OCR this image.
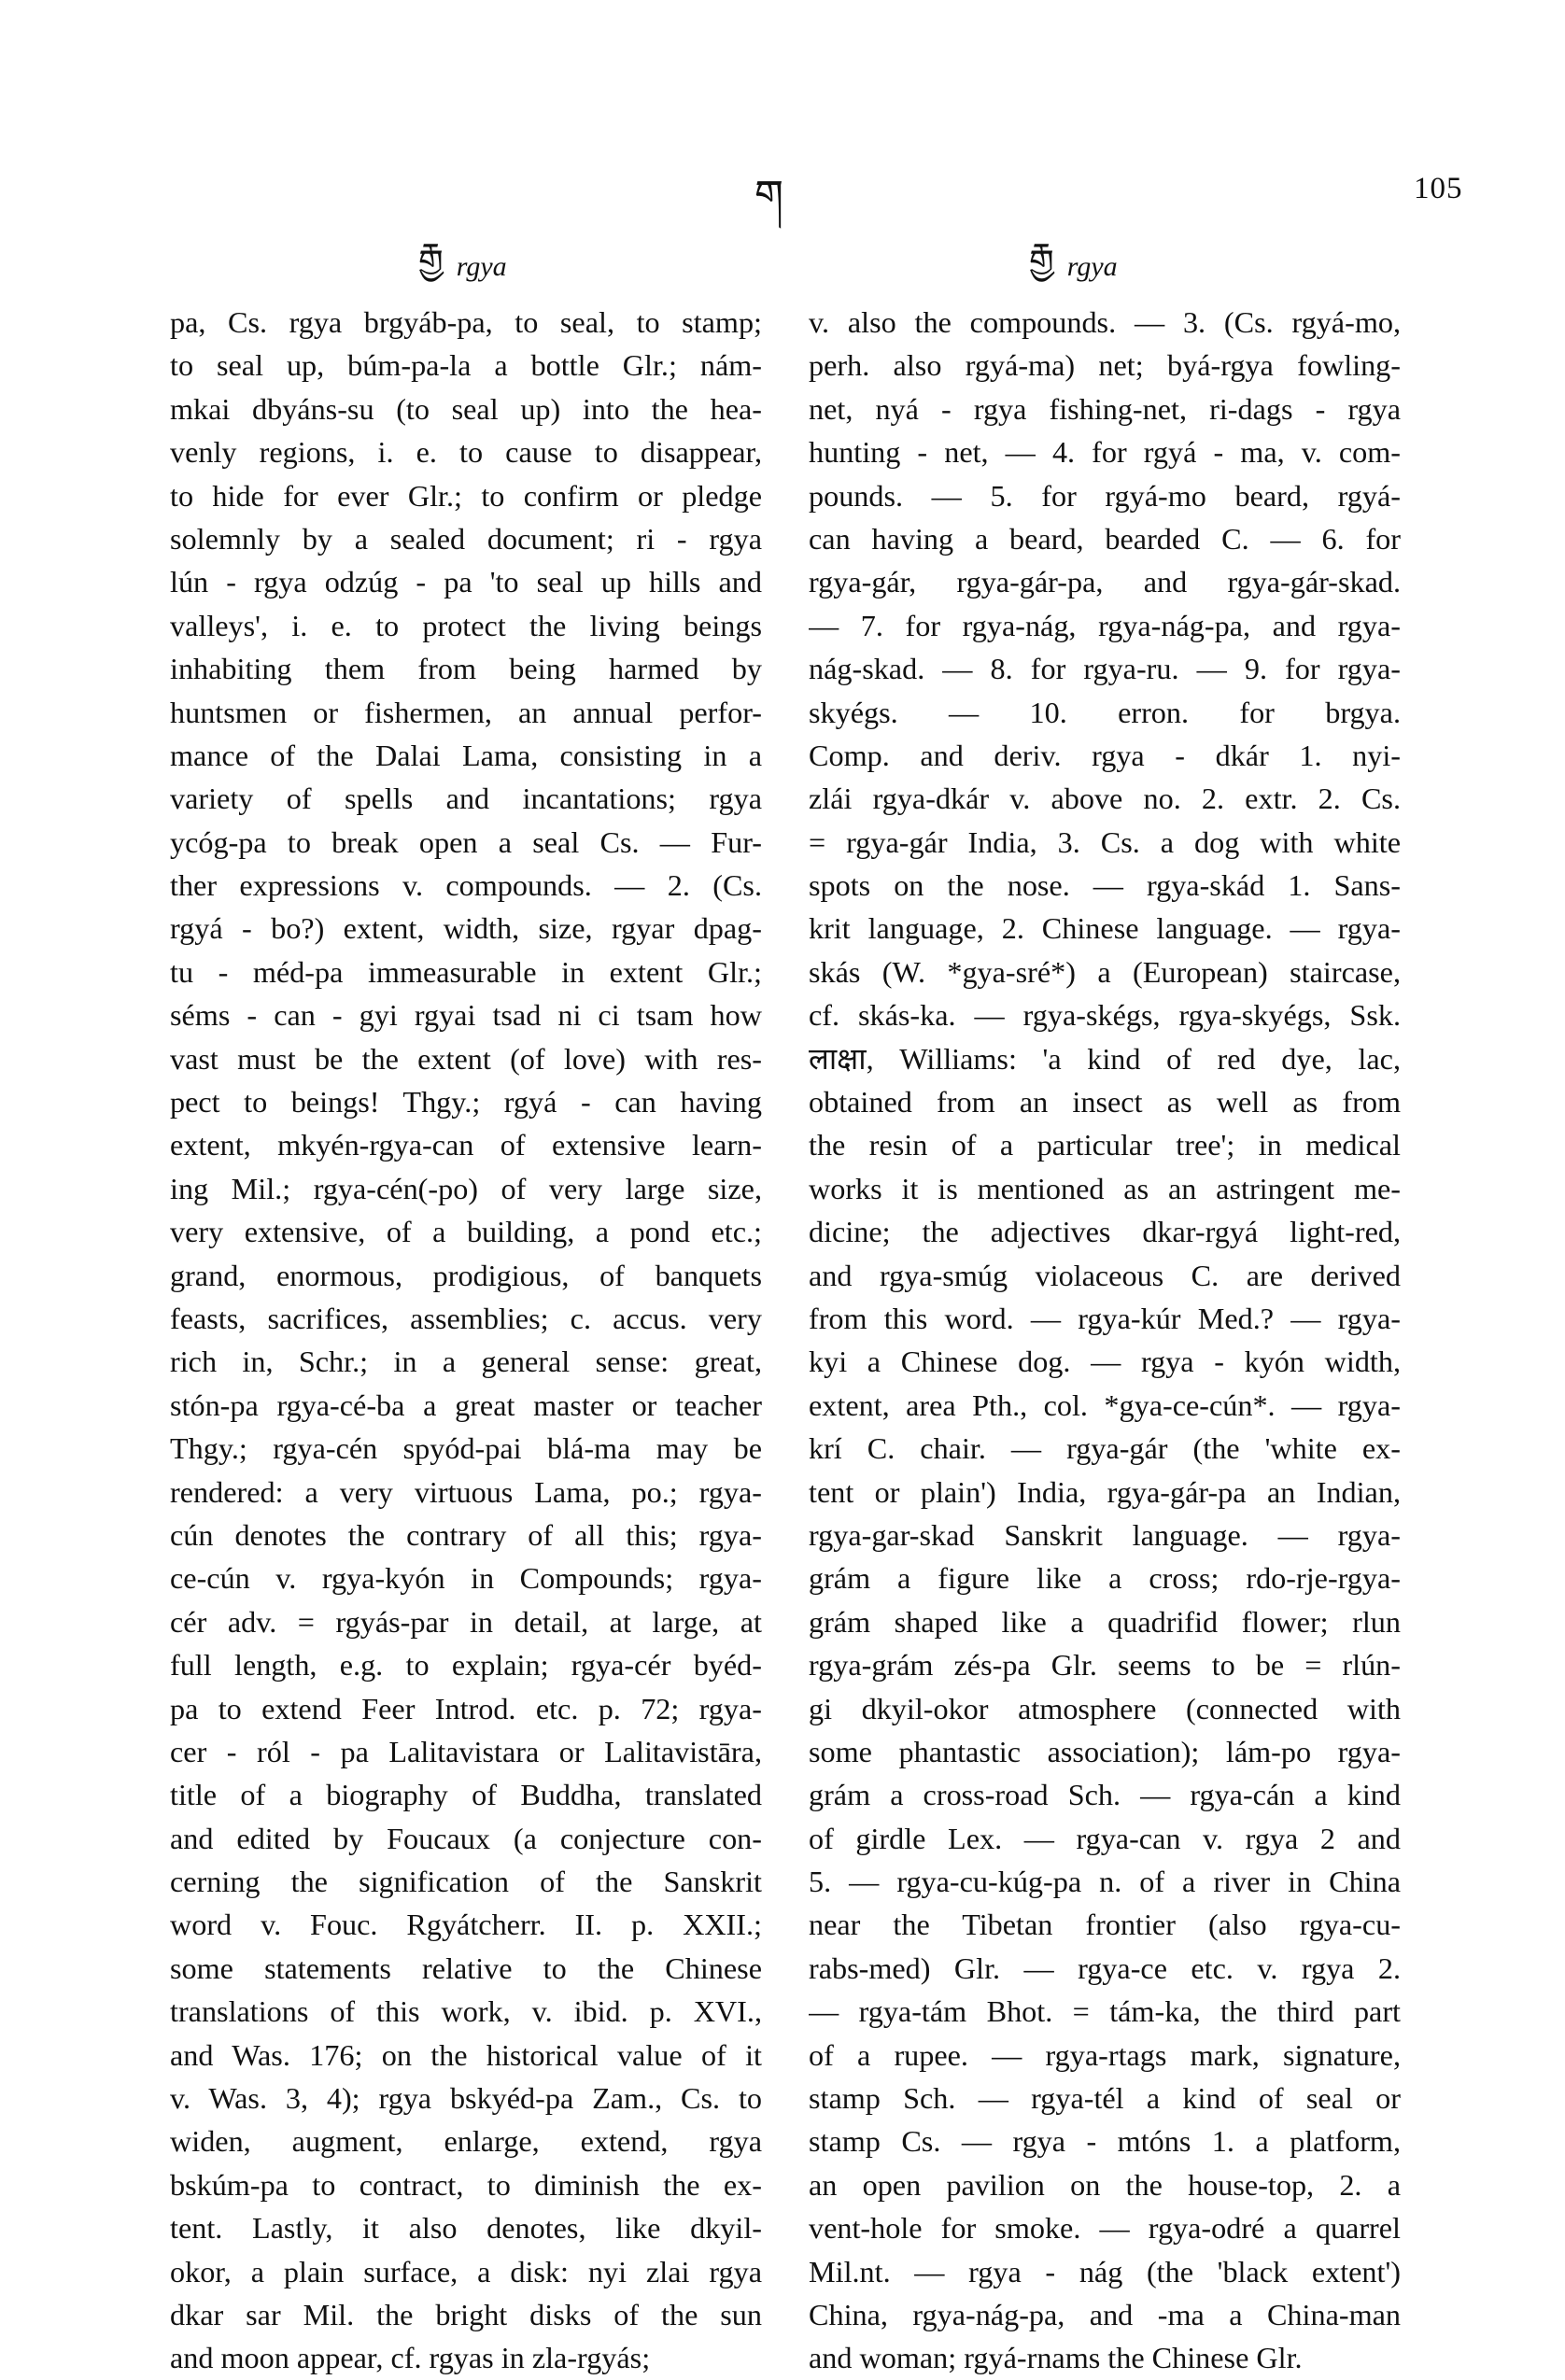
རྒྱ rgya
ག
རྒྱ rgya
105
pa, Cs. rgya brgyáb-pa, to seal, to stamp;
to seal up, búm-pa-la a bottle Glr.; nám-
mkai dbyáns-su (to seal up) into the hea-
venly regions, i. e. to cause to disappear,
to hide for ever Glr.; to confirm or pledge
solemnly by a sealed document; ri - rgya
lún - rgya odzúg - pa 'to seal up hills and
valleys', i. e. to protect the living beings
inhabiting them from being harmed by
huntsmen or fishermen, an annual perfor-
mance of the Dalai Lama, consisting in a
variety of spells and incantations; rgya
ycóg-pa to break open a seal Cs. — Fur-
ther expressions v. compounds. — 2. (Cs.
rgyá - bo?) extent, width, size, rgyar dpag-
tu - méd-pa immeasurable in extent Glr.;
séms - can - gyi rgyai tsad ni ci tsam how
vast must be the extent (of love) with res-
pect to beings! Thgy.; rgyá - can having
extent, mkyén-rgya-can of extensive learn-
ing Mil.; rgya-cén(-po) of very large size,
very extensive, of a building, a pond etc.;
grand, enormous, prodigious, of banquets
feasts, sacrifices, assemblies; c. accus. very
rich in, Schr.; in a general sense: great,
stón-pa rgya-cé-ba a great master or teacher
Thgy.; rgya-cén spyód-pai blá-ma may be
rendered: a very virtuous Lama, po.; rgya-
cún denotes the contrary of all this; rgya-
ce-cún v. rgya-kyón in Compounds; rgya-
cér adv. = rgyás-par in detail, at large, at
full length, e.g. to explain; rgya-cér byéd-
pa to extend Feer Introd. etc. p. 72; rgya-
cer - ról - pa Lalitavistara or Lalitavistāra,
title of a biography of Buddha, translated
and edited by Foucaux (a conjecture con-
cerning the signification of the Sanskrit
word v. Fouc. Rgyátcherr. II. p. XXII.;
some statements relative to the Chinese
translations of this work, v. ibid. p. XVI.,
and Was. 176; on the historical value of it
v. Was. 3, 4); rgya bskyéd-pa Zam., Cs. to
widen, augment, enlarge, extend, rgya
bskúm-pa to contract, to diminish the ex-
tent. Lastly, it also denotes, like dkyil-
okor, a plain surface, a disk: nyi zlai rgya
dkar sar Mil. the bright disks of the sun
and moon appear, cf. rgyas in zla-rgyás;
v. also the compounds. — 3. (Cs. rgyá-mo,
perh. also rgyá-ma) net; byá-rgya fowling-
net, nyá - rgya fishing-net, ri-dags - rgya
hunting - net, — 4. for rgyá - ma, v. com-
pounds. — 5. for rgyá-mo beard, rgyá-
can having a beard, bearded C. — 6. for
rgya-gár, rgya-gár-pa, and rgya-gár-skad.
— 7. for rgya-nág, rgya-nág-pa, and rgya-
nág-skad. — 8. for rgya-ru. — 9. for rgya-
skyégs. — 10. erron. for brgya.
Comp. and deriv. rgya - dkár 1. nyi-
zlái rgya-dkár v. above no. 2. extr. 2. Cs.
= rgya-gár India, 3. Cs. a dog with white
spots on the nose. — rgya-skád 1. Sans-
krit language, 2. Chinese language. — rgya-
skás (W. *gya-sré*) a (European) staircase,
cf. skás-ka. — rgya-skégs, rgya-skyégs, Ssk.
लाक्षा, Williams: 'a kind of red dye, lac,
obtained from an insect as well as from
the resin of a particular tree'; in medical
works it is mentioned as an astringent me-
dicine; the adjectives dkar-rgyá light-red,
and rgya-smúg violaceous C. are derived
from this word. — rgya-kúr Med.? — rgya-
kyi a Chinese dog. — rgya - kyón width,
extent, area Pth., col. *gya-ce-cún*. — rgya-
krí C. chair. — rgya-gár (the 'white ex-
tent or plain') India, rgya-gár-pa an Indian,
rgya-gar-skad Sanskrit language. — rgya-
grám a figure like a cross; rdo-rje-rgya-
grám shaped like a quadrifid flower; rlun
rgya-grám zés-pa Glr. seems to be = rlún-
gi dkyil-okor atmosphere (connected with
some phantastic association); lám-po rgya-
grám a cross-road Sch. — rgya-cán a kind
of girdle Lex. — rgya-can v. rgya 2 and
5. — rgya-cu-kúg-pa n. of a river in China
near the Tibetan frontier (also rgya-cu-
rabs-med) Glr. — rgya-ce etc. v. rgya 2.
— rgya-tám Bhot. = tám-ka, the third part
of a rupee. — rgya-rtags mark, signature,
stamp Sch. — rgya-tél a kind of seal or
stamp Cs. — rgya - mtóns 1. a platform,
an open pavilion on the house-top, 2. a
vent-hole for smoke. — rgya-odré a quarrel
Mil.nt. — rgya - nág (the 'black extent')
China, rgya-nág-pa, and -ma a China-man
and woman; rgyá-rnams the Chinese Glr.
